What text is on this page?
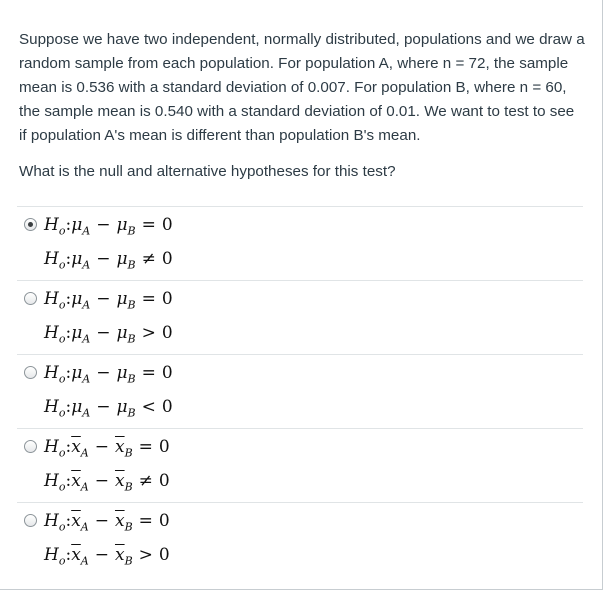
Suppose we have two independent, normally distributed, populations and we draw a random sample from each population. For population A, where n = 72, the sample mean is 0.536 with a standard deviation of 0.007. For population B, where n = 60, the sample mean is 0.540 with a standard deviation of 0.01. We want to test to see if population A's mean is different than population B's mean.

What is the null and alternative hypotheses for this test?

$H_o:\mu_A - \mu_B = 0$
$H_o:\mu_A - \mu_B \ne 0$
$H_o:\mu_A - \mu_B = 0$
$H_o:\mu_A - \mu_B > 0$
$H_o:\mu_A - \mu_B = 0$
$H_o:\mu_A - \mu_B < 0$
$H_o:\overline{x}_A - \overline{x}_B = 0$
$H_o:\overline{x}_A - \overline{x}_B \ne 0$
$H_o:\overline{x}_A - \overline{x}_B = 0$
$H_o:\overline{x}_A - \overline{x}_B > 0$
